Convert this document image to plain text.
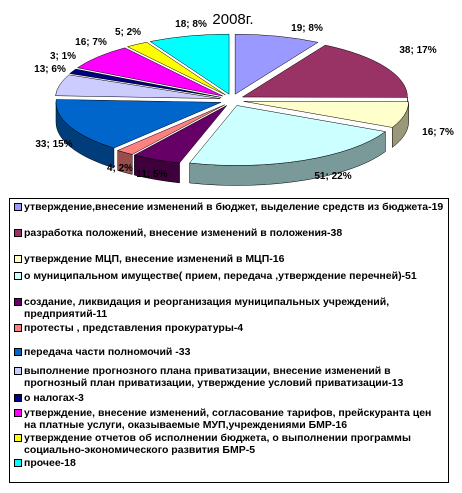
2008г.
19; 8%
38; 17%
16; 7%
51; 22%
11; 5%
4; 2%
33; 15%
13; 6%
3; 1%
16; 7%
5; 2%
18; 8%
утверждение,внесение изменений в бюджет, выделение средств из бюджета-19
разработка положений, внесение изменений в положения-38
утверждение МЦП, внесение изменений в МЦП-16
о муниципальном имуществе( прием, передача ,утверждение перечней)-51
создание, ликвидация и реорганизация муниципальных учреждений, предприятий-11
протесты , представления прокуратуры-4
передача части полномочий -33
выполнение прогнозного плана приватизации, внесение изменений в прогнозный план приватизации, утверждение условий приватизации-13
о налогах-3
утверждение, внесение изменений, согласование тарифов, прейскуранта цен на платные услуги, оказываемые МУП,учреждениями БМР-16
утверждение отчетов об исполнении бюджета, о выполнении программы социально-экономического развития БМР-5
прочее-18
